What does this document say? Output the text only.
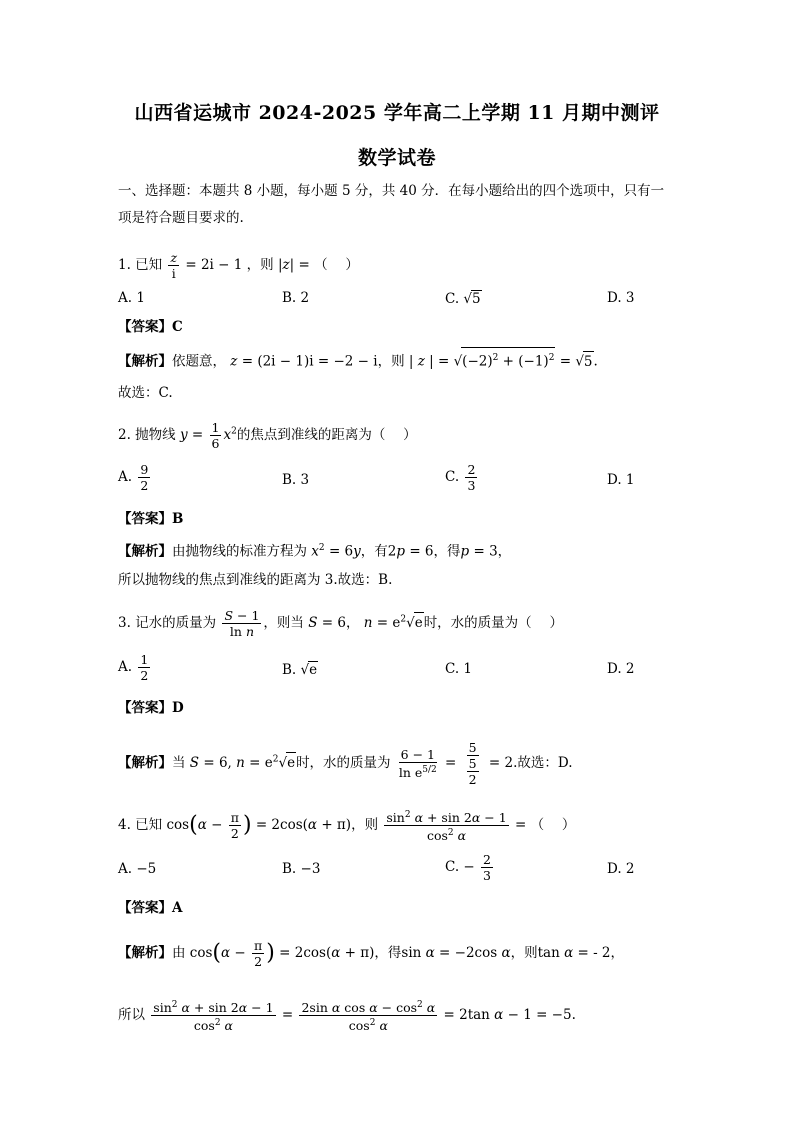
山西省运城市 2024-2025 学年高二上学期 11 月期中测评
数学试卷
一、选择题：本题共 8 小题，每小题 5 分，共 40 分．在每小题给出的四个选项中，只有一
项是符合题目要求的.
1. 已知 $\frac{z}{i} = 2i - 1$ ，则 |z| = （　 ）
A. 1	B. 2	C. √5	D. 3
【答案】C
【解析】依题意， z = (2i − 1)i = −2 − i，则 | z | = $√(-2)^2 + (-1)^2 = √5$.
故选：C.
2. 抛物线 $y = \frac{1}{6} x^2$的焦点到准线的距离为（　 ）
A. $\frac{9}{2}$	B. 3	C. $\frac{2}{3}$	D. 1
【答案】B
【解析】由抛物线的标准方程为 $x^2 = 6y$，有2p = 6，得p = 3，
所以抛物线的焦点到准线的距离为 3.故选：B.
3. 记水的质量为 $\frac{S - 1}{\text{ln n}}$ ，则当 S = 6， $n = e^2√e$时，水的质量为（　 ）
A. $\frac{1}{2}$	B. √e	C. 1	D. 2
【答案】D
【解析】当 S = 6, $n = e^2√e$时，水的质量为 $\frac{6 - 1}{\ln e^{5/2}} = \frac{5}{\frac{5}{2}} = 2$.故选：D.
4. 已知 $\cos(\alpha - \frac{\pi}{2}$ ) = 2cos(α + π)，则 $\frac{\sin^2 \alpha + \sin 2\alpha - 1}{\cos^2 \alpha}$ = （　 ）
A. −5	B. −3	C. − $\frac{2}{3}$	D. 2
【答案】A
【解析】由 $\cos(\alpha - \frac{\pi}{2}$ ) = 2cos(α + π)，得sin α = −2cos α，则tan α = - 2，
所以 $\frac{\sin^2 \alpha + \sin 2\alpha - 1}{\cos^2 \alpha} = \frac{2\sin \alpha \cos \alpha - \cos^2 \alpha}{\cos^2 \alpha} = 2\tan$ α − 1 = −5.
